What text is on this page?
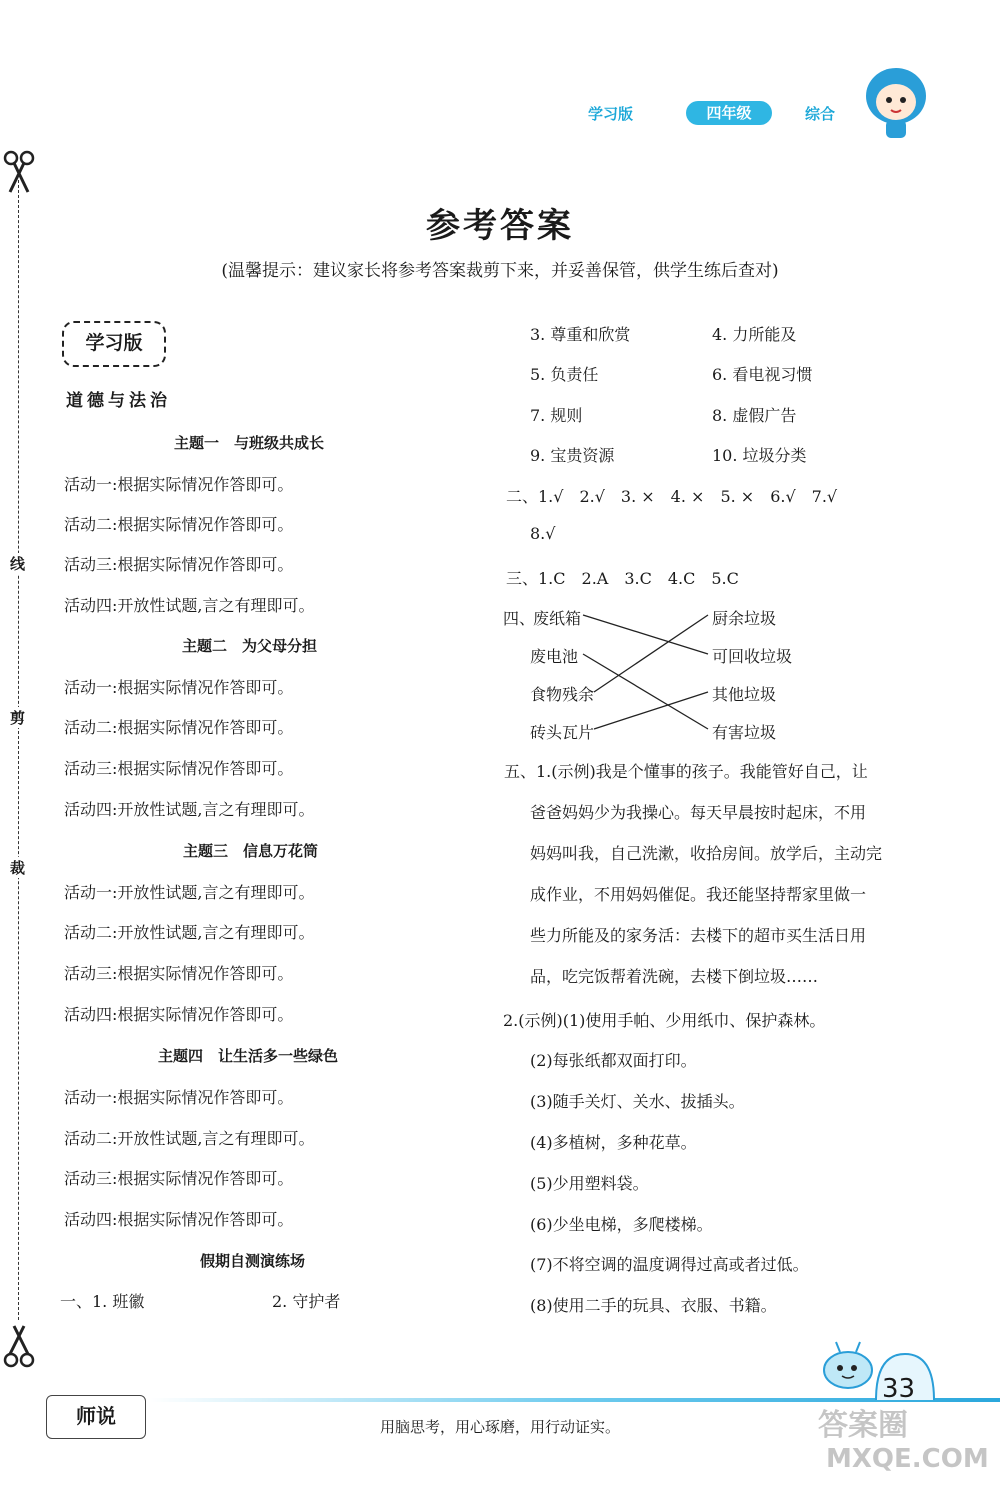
学习版	四年级	综合
参考答案
(温馨提示：建议家长将参考答案裁剪下来，并妥善保管，供学生练后查对)
线
剪
裁
学习版
道德与法治
主题一　与班级共成长
活动一:根据实际情况作答即可。
活动二:根据实际情况作答即可。
活动三:根据实际情况作答即可。
活动四:开放性试题,言之有理即可。
主题二　为父母分担
活动一:根据实际情况作答即可。
活动二:根据实际情况作答即可。
活动三:根据实际情况作答即可。
活动四:开放性试题,言之有理即可。
主题三　信息万花筒
活动一:开放性试题,言之有理即可。
活动二:开放性试题,言之有理即可。
活动三:根据实际情况作答即可。
活动四:根据实际情况作答即可。
主题四　让生活多一些绿色
活动一:根据实际情况作答即可。
活动二:开放性试题,言之有理即可。
活动三:根据实际情况作答即可。
活动四:根据实际情况作答即可。
假期自测演练场
一、1. 班徽	2. 守护者
3. 尊重和欣赏	4. 力所能及
5. 负责任	6. 看电视习惯
7. 规则	8. 虚假广告
9. 宝贵资源	10. 垃圾分类
二、1.√　2.√　3. ×　4. ×　5. ×　6.√　7.√
8.√
三、1.C　2.A　3.C　4.C　5.C
四、
废纸箱
废电池
食物残余
砖头瓦片
厨余垃圾
可回收垃圾
其他垃圾
有害垃圾
五、1.(示例)我是个懂事的孩子。我能管好自己，让
爸爸妈妈少为我操心。每天早晨按时起床，不用
妈妈叫我，自己洗漱，收拾房间。放学后，主动完
成作业，不用妈妈催促。我还能坚持帮家里做一
些力所能及的家务活：去楼下的超市买生活日用
品，吃完饭帮着洗碗，去楼下倒垃圾……
2.(示例)(1)使用手帕、少用纸巾、保护森林。
(2)每张纸都双面打印。
(3)随手关灯、关水、拔插头。
(4)多植树，多种花草。
(5)少用塑料袋。
(6)少坐电梯，多爬楼梯。
(7)不将空调的温度调得过高或者过低。
(8)使用二手的玩具、衣服、书籍。
师说	用脑思考，用心琢磨，用行动证实。
33
答案圈
MXQE.COM
